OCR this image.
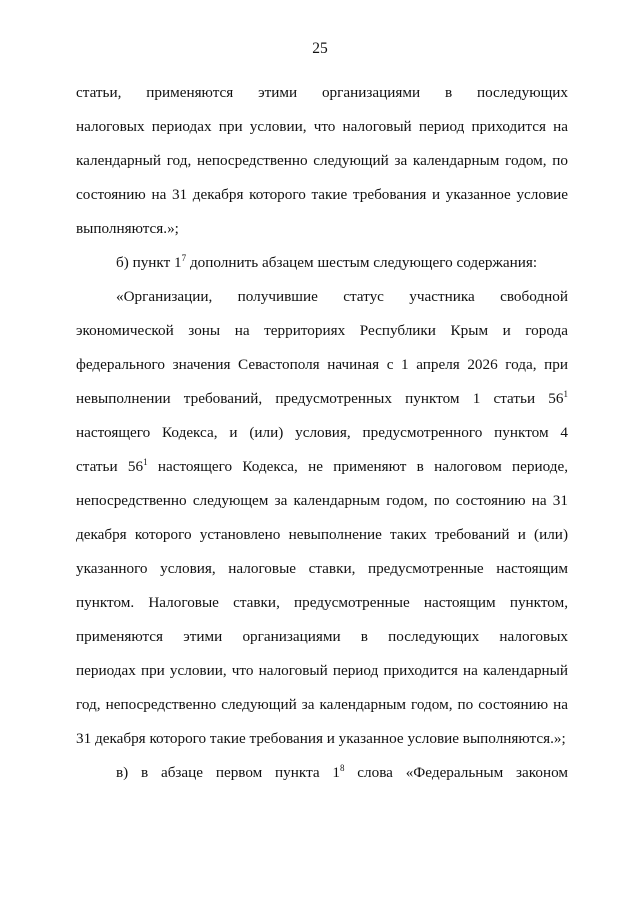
25
статьи, применяются этими организациями в последующих
налоговых периодах при условии, что налоговый период приходится на
календарный год, непосредственно следующий за календарным годом, по
состоянию на 31 декабря которого такие требования и указанное условие
выполняются.»;
б) пункт $1^7$ дополнить абзацем шестым следующего содержания:
«Организации, получившие статус участника свободной
экономической зоны на территориях Республики Крым и города
федерального значения Севастополя начиная с 1 апреля 2026 года, при
невыполнении требований, предусмотренных пунктом 1 статьи $56^1$
настоящего Кодекса, и (или) условия, предусмотренного пунктом 4
статьи $56^1$ настоящего Кодекса, не применяют в налоговом периоде,
непосредственно следующем за календарным годом, по состоянию на 31
декабря которого установлено невыполнение таких требований и (или)
указанного условия, налоговые ставки, предусмотренные настоящим
пунктом. Налоговые ставки, предусмотренные настоящим пунктом,
применяются этими организациями в последующих налоговых
периодах при условии, что налоговый период приходится на календарный
год, непосредственно следующий за календарным годом, по состоянию на
31 декабря которого такие требования и указанное условие выполняются.»;
в) в абзаце первом пункта $1^8$ слова «Федеральным законом
